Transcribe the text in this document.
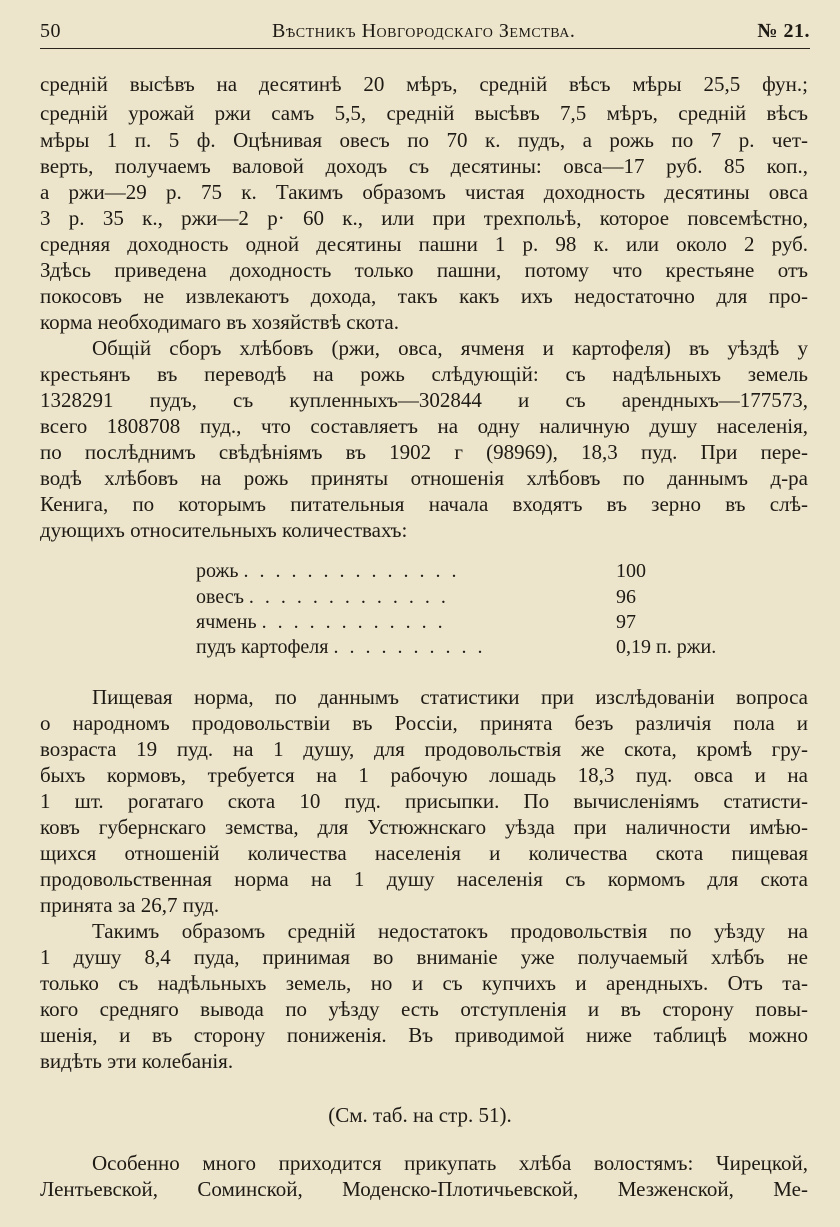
50	Вѣстникъ Новгородскаго Земства.	№ 21.
средній высѣвъ на десятинѣ 20 мѣръ, средній вѣсъ мѣры 25,5 фун.;
средній урожай ржи самъ 5,5, средній высѣвъ 7,5 мѣръ, средній вѣсъ
мѣры 1 п. 5 ф. Оцѣнивая овесъ по 70 к. пудъ, а рожь по 7 р. чет-
верть, получаемъ валовой доходъ съ десятины: овса—17 руб. 85 коп.,
а ржи—29 р. 75 к. Такимъ образомъ чистая доходность десятины овса
3 р. 35 к., ржи—2 р· 60 к., или при трехпольѣ, которое повсемѣстно,
средняя доходность одной десятины пашни 1 р. 98 к. или около 2 руб.
Здѣсь приведена доходность только пашни, потому что крестьяне отъ
покосовъ не извлекаютъ дохода, такъ какъ ихъ недостаточно для про-
корма необходимаго въ хозяйствѣ скота.
Общій сборъ хлѣбовъ (ржи, овса, ячменя и картофеля) въ уѣздѣ у
крестьянъ въ переводѣ на рожь слѣдующій: съ надѣльныхъ земель
1328291 пудъ, съ купленныхъ—302844 и съ арендныхъ—177573,
всего 1808708 пуд., что составляетъ на одну наличную душу населенія,
по послѣднимъ свѣдѣніямъ въ 1902 г (98969), 18,3 пуд. При пере-
водѣ хлѣбовъ на рожь приняты отношенія хлѣбовъ по даннымъ д-ра
Кенига, по которымъ питательныя начала входятъ въ зерно въ слѣ-
дующихъ относительныхъ количествахъ:
рожь . . . . . . . . . . . . . .	100
овесъ . . . . . . . . . . . . .	96
ячмень . . . . . . . . . . . .	97
пудъ картофеля . . . . . . . . . .	0,19 п. ржи.
Пищевая норма, по даннымъ статистики при изслѣдованіи вопроса
о народномъ продовольствіи въ Россіи, принята безъ различія пола и
возраста 19 пуд. на 1 душу, для продовольствія же скота, кромѣ гру-
быхъ кормовъ, требуется на 1 рабочую лошадь 18,3 пуд. овса и на
1 шт. рогатаго скота 10 пуд. присыпки. По вычисленіямъ статисти-
ковъ губернскаго земства, для Устюжнскаго уѣзда при наличности имѣю-
щихся отношеній количества населенія и количества скота пищевая
продовольственная норма на 1 душу населенія съ кормомъ для скота
принята за 26,7 пуд.
Такимъ образомъ средній недостатокъ продовольствія по уѣзду на
1 душу 8,4 пуда, принимая во вниманіе уже получаемый хлѣбъ не
только съ надѣльныхъ земель, но и съ купчихъ и арендныхъ. Отъ та-
кого средняго вывода по уѣзду есть отступленія и въ сторону повы-
шенія, и въ сторону пониженія. Въ приводимой ниже таблицѣ можно
видѣть эти колебанія.
(См. таб. на стр. 51).
Особенно много приходится прикупать хлѣба волостямъ: Чирецкой,
Лентьевской, Соминской, Моденско-Плотичьевской, Мезженской, Ме-
